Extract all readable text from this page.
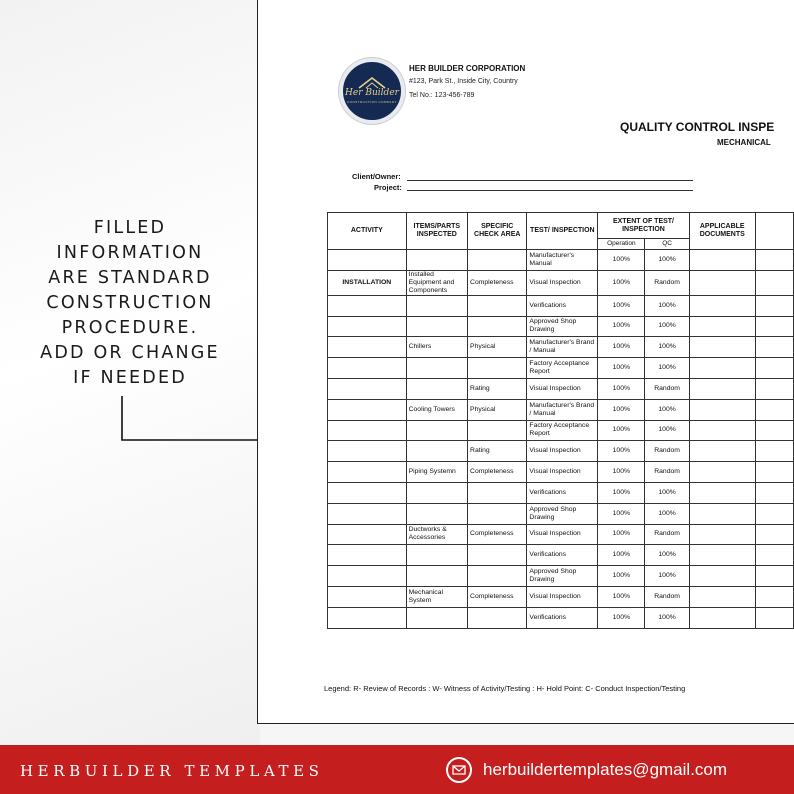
FILLED
INFORMATION
ARE STANDARD
CONSTRUCTION
PROCEDURE.
ADD OR CHANGE
IF NEEDED
Her Builder
CONSTRUCTION COMPANY
HER BUILDER CORPORATION
#123, Park St., Inside City, Country
Tel No.: 123-456-789
QUALITY CONTROL INSPE
MECHANICAL
Client/Owner:
Project:
ACTIVITY	ITEMS/PARTS INSPECTED	SPECIFIC CHECK AREA	TEST/ INSPECTION	EXTENT OF TEST/ INSPECTION		APPLICABLE DOCUMENTS	
				Operation	QC		
			Manufacturer's Manual	100%	100%		
INSTALLATION	Installed Equipment and Components	Completeness	Visual Inspection	100%	Random		
			Verifications	100%	100%		
			Approved Shop Drawing	100%	100%		
	Chillers	Physical	Manufacturer's Brand / Manual	100%	100%		
			Factory Acceptance Report	100%	100%		
		Rating	Visual Inspection	100%	Random		
	Cooling Towers	Physical	Manufacturer's Brand / Manual	100%	100%		
			Factory Acceptance Report	100%	100%		
		Rating	Visual Inspection	100%	Random		
	Piping Systemn	Completeness	Visual Inspection	100%	Random		
			Verifications	100%	100%		
			Approved Shop Drawing	100%	100%		
	Ductworks & Accessories	Completeness	Visual Inspection	100%	Random		
			Verifications	100%	100%		
			Approved Shop Drawing	100%	100%		
	Mechanical System	Completeness	Visual Inspection	100%	Random		
			Verifications	100%	100%		
Legend: R- Review of Records : W- Witness of Activity/Testing : H- Hold Point: C- Conduct Inspection/Testing
HERBUILDER TEMPLATES	herbuildertemplates@gmail.com
